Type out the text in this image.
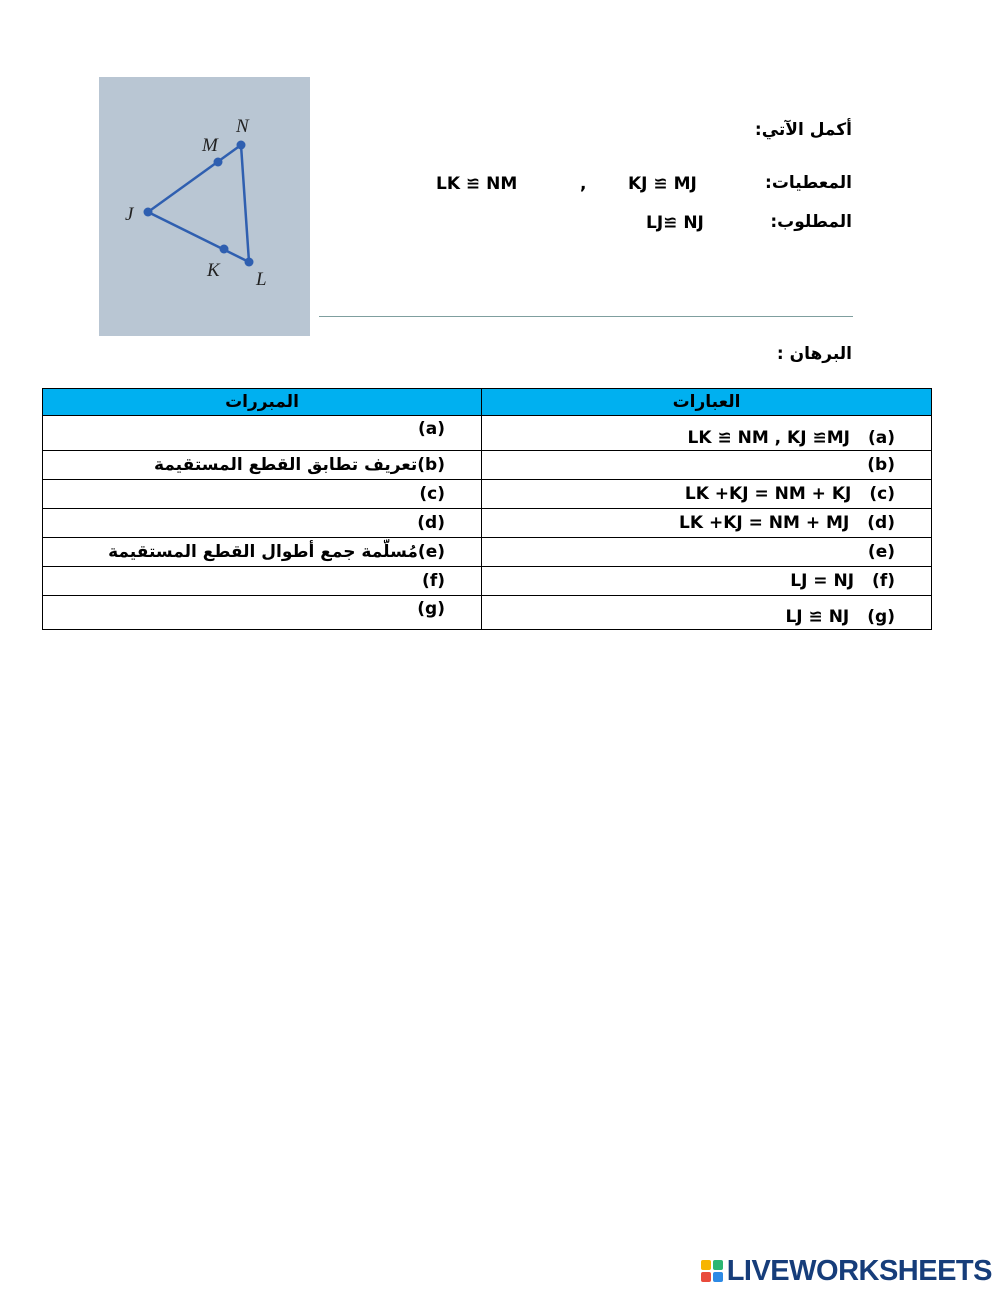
N
M
J
K L
أكمل الآتي:
المعطيات:
KJ ≌ MJ
,
LK ≌ NM
المطلوب:
LJ≌ NJ
البرهان :
المبررات	العبارات
(a)	(a)LK ≌ NM , KJ ≌MJ
(b)تعريف تطابق القطع المستقيمة	(b)
(c)	(c)LK +KJ = NM + KJ
(d)	(d)LK +KJ = NM + MJ
(e)مُسلّمة جمع أطوال القطع المستقيمة	(e)
(f)	(f)LJ = NJ
(g)	(g)LJ ≌ NJ
LIVEWORKSHEETS
